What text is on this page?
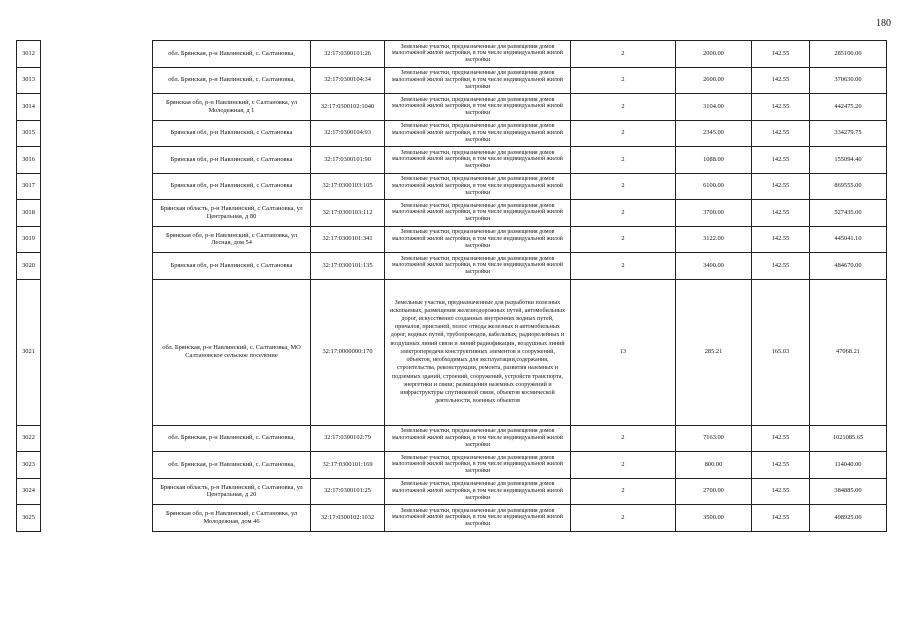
180
3012		обл. Брянская, р-н Навлинский, с. Салтановка,	32:17:0300101:26	Земельные участки, предназначенные для размещения домов малоэтажной жилой застройки, в том числе индивидуальной жилой застройки	2	2000.00	142.55	285100.00
3013		обл. Брянская, р-н Навлинский, с. Салтановка,	32:17:0300104:34	Земельные участки, предназначенные для размещения домов малоэтажной жилой застройки, в том числе индивидуальной жилой застройки	2	2600.00	142.55	370630.00
3014		Брянская обл, р-н Навлинский, с Салтановка, ул Молодежная, д 1	32:17:0300102:1040	Земельные участки, предназначенные для размещения домов малоэтажной жилой застройки, в том числе индивидуальной жилой застройки	2	3104.00	142.55	442475.20
3015		Брянская обл, р-н Навлинский, с Салтановка	32:17:0300104:93	Земельные участки, предназначенные для размещения домов малоэтажной жилой застройки, в том числе индивидуальной жилой застройки	2	2345.00	142.55	334279.75
3016		Брянская обл, р-н Навлинский, с Салтановка	32:17:0300101:90	Земельные участки, предназначенные для размещения домов малоэтажной жилой застройки, в том числе индивидуальной жилой застройки	2	1088.00	142.55	155094.40
3017		Брянская обл, р-н Навлинский, с Салтановка	32:17:0300103:105	Земельные участки, предназначенные для размещения домов малоэтажной жилой застройки, в том числе индивидуальной жилой застройки	2	6100.00	142.55	869555.00
3018		Брянская область, р-н Навлинский, с Салтановка, ул Центральная, д 80	32:17:0300103:112	Земельные участки, предназначенные для размещения домов малоэтажной жилой застройки, в том числе индивидуальной жилой застройки	2	3700.00	142.55	527435.00
3019		Брянская обл, р-н Навлинский, с Салтановка, ул Лесная, дом 54	32:17:0300101:341	Земельные участки, предназначенные для размещения домов малоэтажной жилой застройки, в том числе индивидуальной жилой застройки	2	3122.00	142.55	445041.10
3020		Брянская обл, р-н Навлинский, с Салтановка	32:17:0300101:135	Земельные участки, предназначенные для размещения домов малоэтажной жилой застройки, в том числе индивидуальной жилой застройки	2	3400.00	142.55	484670.00
3021		обл. Брянская, р-н Навлинский, с. Салтановка, МО Салтановское сельское поселение	32:17:0000000:170	Земельные участки, предназначенные для разработки полезных ископаемых, размещения железнодорожных путей, автомобильных дорог, искусственно созданных внутренних водных путей, причалов, пристаней, полос отвода железных и автомобильных дорог, водных путей, трубопроводов, кабельных, радиорелейных и воздушных линий связи и линий радиофикации, воздушных линий электропередачи конструктивных элементов и сооружений, объектов, необходимых для эксплуатации,содержания, строительства, реконструкции, ремонта, развития наземных и подземных зданий, строений, сооружений, устройств транспорта, энергетики и связи; размещения наземных сооружений и инфраструктуры спутниковой связи, объектов космической деятельности, военных объектов	13	285.21	165.03	47068.21
3022		обл. Брянская, р-н Навлинский, с. Салтановка,	32:17:0300102:79	Земельные участки, предназначенные для размещения домов малоэтажной жилой застройки, в том числе индивидуальной жилой застройки	2	7163.00	142.55	1021085.65
3023		обл. Брянская, р-н Навлинский, с. Салтановка,	32:17:0300101:169	Земельные участки, предназначенные для размещения домов малоэтажной жилой застройки, в том числе индивидуальной жилой застройки	2	800.00	142.55	114040.00
3024		Брянская область, р-н Навлинский, с Салтановка, ул Центральная, д 20	32:17:0300101:25	Земельные участки, предназначенные для размещения домов малоэтажной жилой застройки, в том числе индивидуальной жилой застройки	2	2700.00	142.55	384885.00
3025		Брянская обл, р-н Навлинский, с Салтановка, ул Молодежная, дом 46	32:17:0300102:1032	Земельные участки, предназначенные для размещения домов малоэтажной жилой застройки, в том числе индивидуальной жилой застройки	2	3500.00	142.55	498925.00
